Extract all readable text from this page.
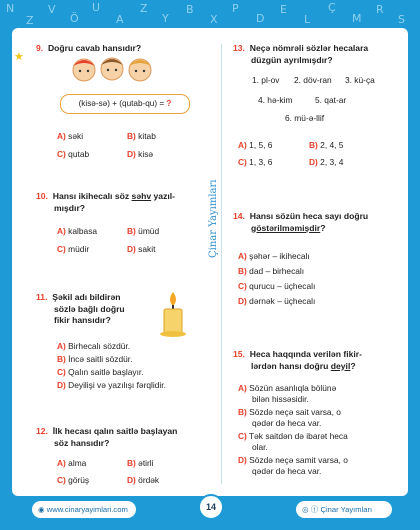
N
Z
V
Ö
U
A
Z
Y
B
X
P
D
E
L
Ç
M
R
S
Çinar Yayımları
★
9. Doğru cavab hansıdır?
(kisə-sə) + (qutab-qu) = ?
A) səki	B) kitab
C) qutab	D) kisə
10. Hansı ikihecalı söz səhv yazıl-
mışdır?
A) kalbasa	B) ümüd
C) müdir	D) sakit
11. Şəkil adı bildirən
sözlə bağlı doğru
fikir hansıdır?
A) Birhecalı sözdür.
B) İncə saitli sözdür.
C) Qalın saitlə başlayır.
D) Deyilişi və yazılışı fərqlidir.
12. İlk hecası qalın saitlə başlayan
söz hansıdır?
A) alma	B) ətirli
C) görüş	D) ördək
13. Neçə nömrəli sözlər hecalara
düzgün ayrılmışdır?
1. pl-ov 2. döv-ran 3. kü-ça
4. hə-kim	5. qat-ar
6. mü-ə-llif
A) 1, 5, 6	B) 2, 4, 5
C) 1, 3, 6	D) 2, 3, 4
14. Hansı sözün heca sayı doğru
göstərilməmişdir?
A) şəhər – ikihecalı
B) dad – birhecalı
C) qurucu – üçhecalı
D) dərnək – üçhecalı
15. Heca haqqında verilən fikir-
lərdən hansı doğru deyil?
A) Sözün asanlıqla bölünə
bilən hissəsidir.
B) Sözdə neçə sait varsa, o
qədər də heca var.
C) Tək saitdən də ibarət heca
olar.
D) Sözdə neçə samit varsa, o
qədər də heca var.
◉ www.cinaryayimlari.com	◎ ⓕ Çinar Yayımları
14
